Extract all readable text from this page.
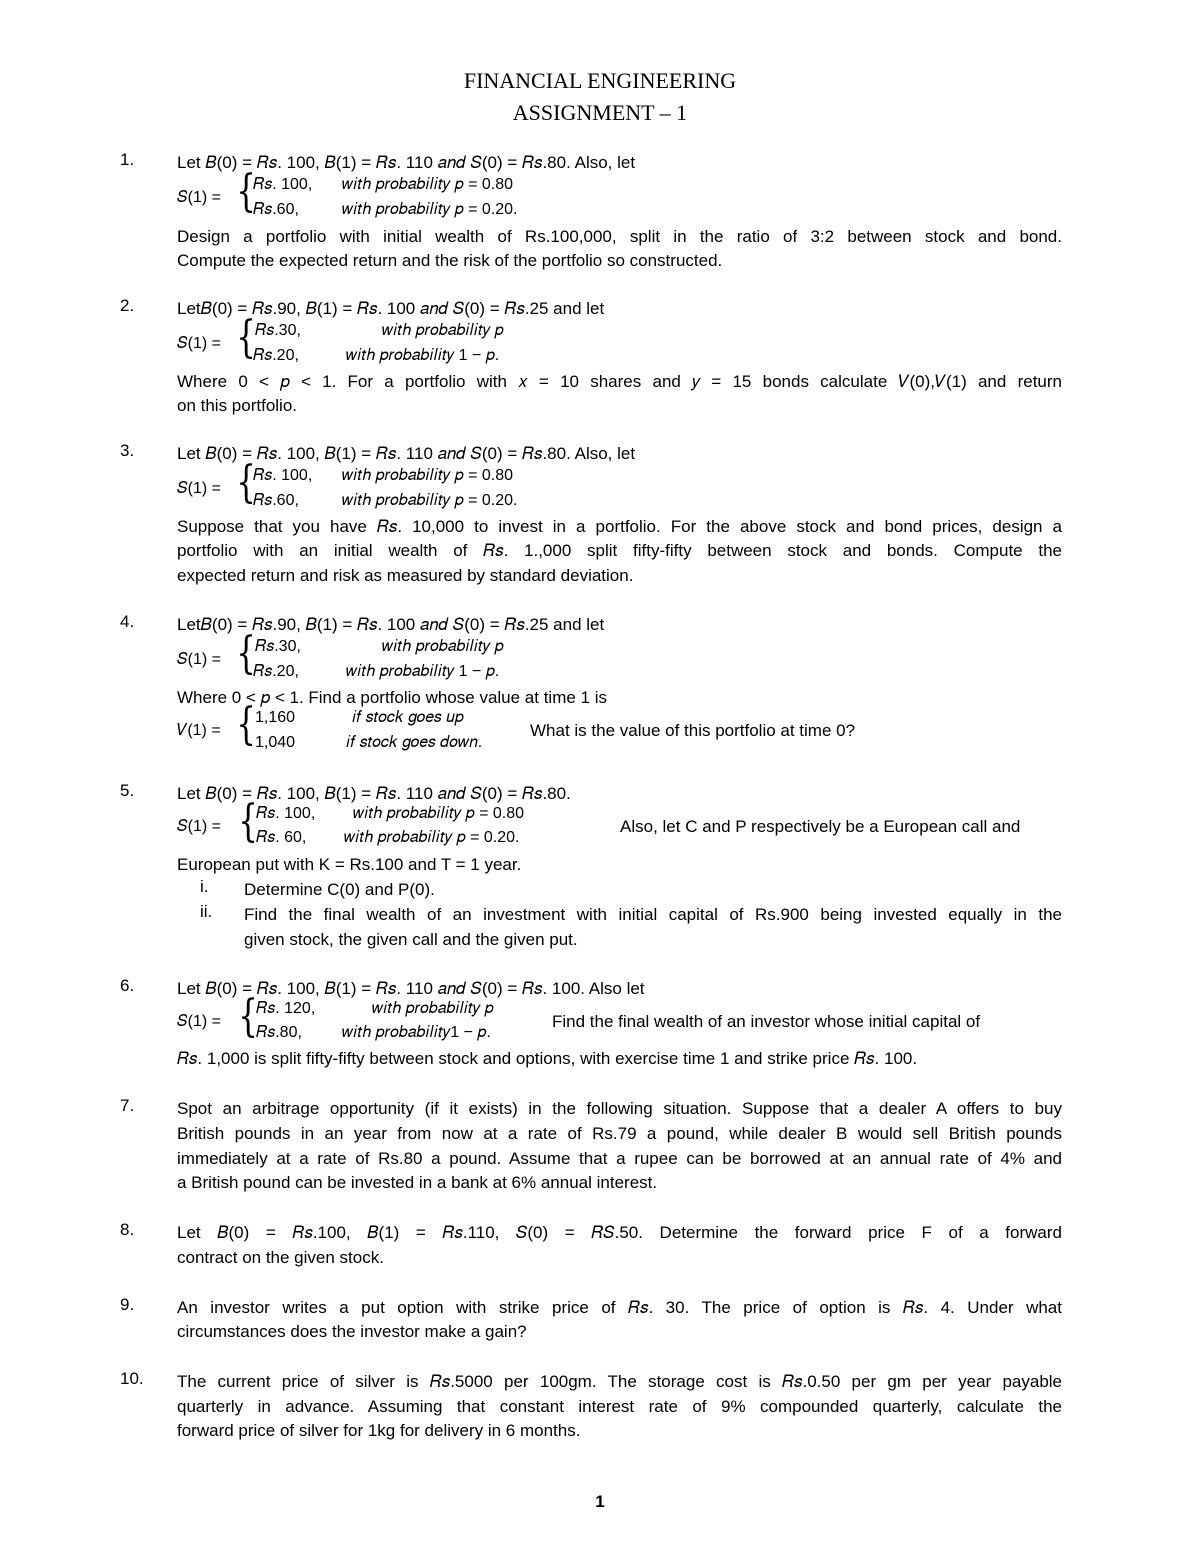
FINANCIAL ENGINEERING
ASSIGNMENT – 1
1.	Let 𝐵(0) = 𝑅𝑠. 100, 𝐵(1) = 𝑅𝑠. 110 𝑎𝑛𝑑 𝑆(0) = 𝑅𝑠.80. Also, let
𝑆(1) = {
𝑅𝑠. 100, 𝑤𝑖𝑡ℎ 𝑝𝑟𝑜𝑏𝑎𝑏𝑖𝑙𝑖𝑡𝑦 𝑝 = 0.80
𝑅𝑠.60,	𝑤𝑖𝑡ℎ 𝑝𝑟𝑜𝑏𝑎𝑏𝑖𝑙𝑖𝑡𝑦 𝑝 = 0.20.
Design a portfolio with initial wealth of Rs.100,000, split in the ratio of 3:2 between stock and bond.
Compute the expected return and the risk of the portfolio so constructed.
2.	Let𝐵(0) = 𝑅𝑠.90, 𝐵(1) = 𝑅𝑠. 100 𝑎𝑛𝑑 𝑆(0) = 𝑅𝑠.25 and let
𝑆(1) = { 𝑅𝑠.30,	𝑤𝑖𝑡ℎ 𝑝𝑟𝑜𝑏𝑎𝑏𝑖𝑙𝑖𝑡𝑦 𝑝
𝑅𝑠.20,	𝑤𝑖𝑡ℎ 𝑝𝑟𝑜𝑏𝑎𝑏𝑖𝑙𝑖𝑡𝑦 1 − 𝑝.
Where 0 < 𝑝 < 1. For a portfolio with 𝑥 = 10 shares and 𝑦 = 15 bonds calculate 𝑉(0),𝑉(1) and return
on this portfolio.
3.	Let 𝐵(0) = 𝑅𝑠. 100, 𝐵(1) = 𝑅𝑠. 110 𝑎𝑛𝑑 𝑆(0) = 𝑅𝑠.80. Also, let
𝑆(1) = {
𝑅𝑠. 100, 𝑤𝑖𝑡ℎ 𝑝𝑟𝑜𝑏𝑎𝑏𝑖𝑙𝑖𝑡𝑦 𝑝 = 0.80
𝑅𝑠.60,	𝑤𝑖𝑡ℎ 𝑝𝑟𝑜𝑏𝑎𝑏𝑖𝑙𝑖𝑡𝑦 𝑝 = 0.20.
Suppose that you have 𝑅𝑠. 10,000 to invest in a portfolio. For the above stock and bond prices, design a
portfolio with an initial wealth of 𝑅𝑠. 1.,000 split fifty-fifty between stock and bonds. Compute the
expected return and risk as measured by standard deviation.
4.	Let𝐵(0) = 𝑅𝑠.90, 𝐵(1) = 𝑅𝑠. 100 𝑎𝑛𝑑 𝑆(0) = 𝑅𝑠.25 and let
𝑆(1) = { 𝑅𝑠.30,	𝑤𝑖𝑡ℎ 𝑝𝑟𝑜𝑏𝑎𝑏𝑖𝑙𝑖𝑡𝑦 𝑝
𝑅𝑠.20,	𝑤𝑖𝑡ℎ 𝑝𝑟𝑜𝑏𝑎𝑏𝑖𝑙𝑖𝑡𝑦 1 − 𝑝.
Where 0 < 𝑝 < 1. Find a portfolio whose value at time 1 is
𝑉(1) = { 1,160	𝑖𝑓 𝑠𝑡𝑜𝑐𝑘 𝑔𝑜𝑒𝑠 𝑢𝑝
1,040	𝑖𝑓 𝑠𝑡𝑜𝑐𝑘 𝑔𝑜𝑒𝑠 𝑑𝑜𝑤𝑛.
What is the value of this portfolio at time 0?
5.	Let 𝐵(0) = 𝑅𝑠. 100, 𝐵(1) = 𝑅𝑠. 110 𝑎𝑛𝑑 𝑆(0) = 𝑅𝑠.80.
𝑆(1) = {
𝑅𝑠. 100, 𝑤𝑖𝑡ℎ 𝑝𝑟𝑜𝑏𝑎𝑏𝑖𝑙𝑖𝑡𝑦 𝑝 = 0.80
𝑅𝑠. 60, 𝑤𝑖𝑡ℎ 𝑝𝑟𝑜𝑏𝑎𝑏𝑖𝑙𝑖𝑡𝑦 𝑝 = 0.20.
Also, let C and P respectively be a European call and
European put with K = Rs.100 and T = 1 year.
i. Determine C(0) and P(0).
ii. Find the final wealth of an investment with initial capital of Rs.900 being invested equally in the
given stock, the given call and the given put.
6.	Let 𝐵(0) = 𝑅𝑠. 100, 𝐵(1) = 𝑅𝑠. 110 𝑎𝑛𝑑 𝑆(0) = 𝑅𝑠. 100. Also let
𝑆(1) = {
𝑅𝑠. 120,	𝑤𝑖𝑡ℎ 𝑝𝑟𝑜𝑏𝑎𝑏𝑖𝑙𝑖𝑡𝑦 𝑝
𝑅𝑠.80,	𝑤𝑖𝑡ℎ 𝑝𝑟𝑜𝑏𝑎𝑏𝑖𝑙𝑖𝑡𝑦1 − 𝑝.
Find the final wealth of an investor whose initial capital of
𝑅𝑠. 1,000 is split fifty-fifty between stock and options, with exercise time 1 and strike price 𝑅𝑠. 100.
7.	Spot an arbitrage opportunity (if it exists) in the following situation. Suppose that a dealer A offers to buy
British pounds in an year from now at a rate of Rs.79 a pound, while dealer B would sell British pounds
immediately at a rate of Rs.80 a pound. Assume that a rupee can be borrowed at an annual rate of 4% and
a British pound can be invested in a bank at 6% annual interest.
8.	Let 𝐵(0) = 𝑅𝑠.100, 𝐵(1) = 𝑅𝑠.110, 𝑆(0) = 𝑅𝑆.50. Determine the forward price F of a forward
contract on the given stock.
9.	An investor writes a put option with strike price of 𝑅𝑠. 30. The price of option is 𝑅𝑠. 4. Under what
circumstances does the investor make a gain?
10.	The current price of silver is 𝑅𝑠.5000 per 100gm. The storage cost is 𝑅𝑠.0.50 per gm per year payable
quarterly in advance. Assuming that constant interest rate of 9% compounded quarterly, calculate the
forward price of silver for 1kg for delivery in 6 months.
1
